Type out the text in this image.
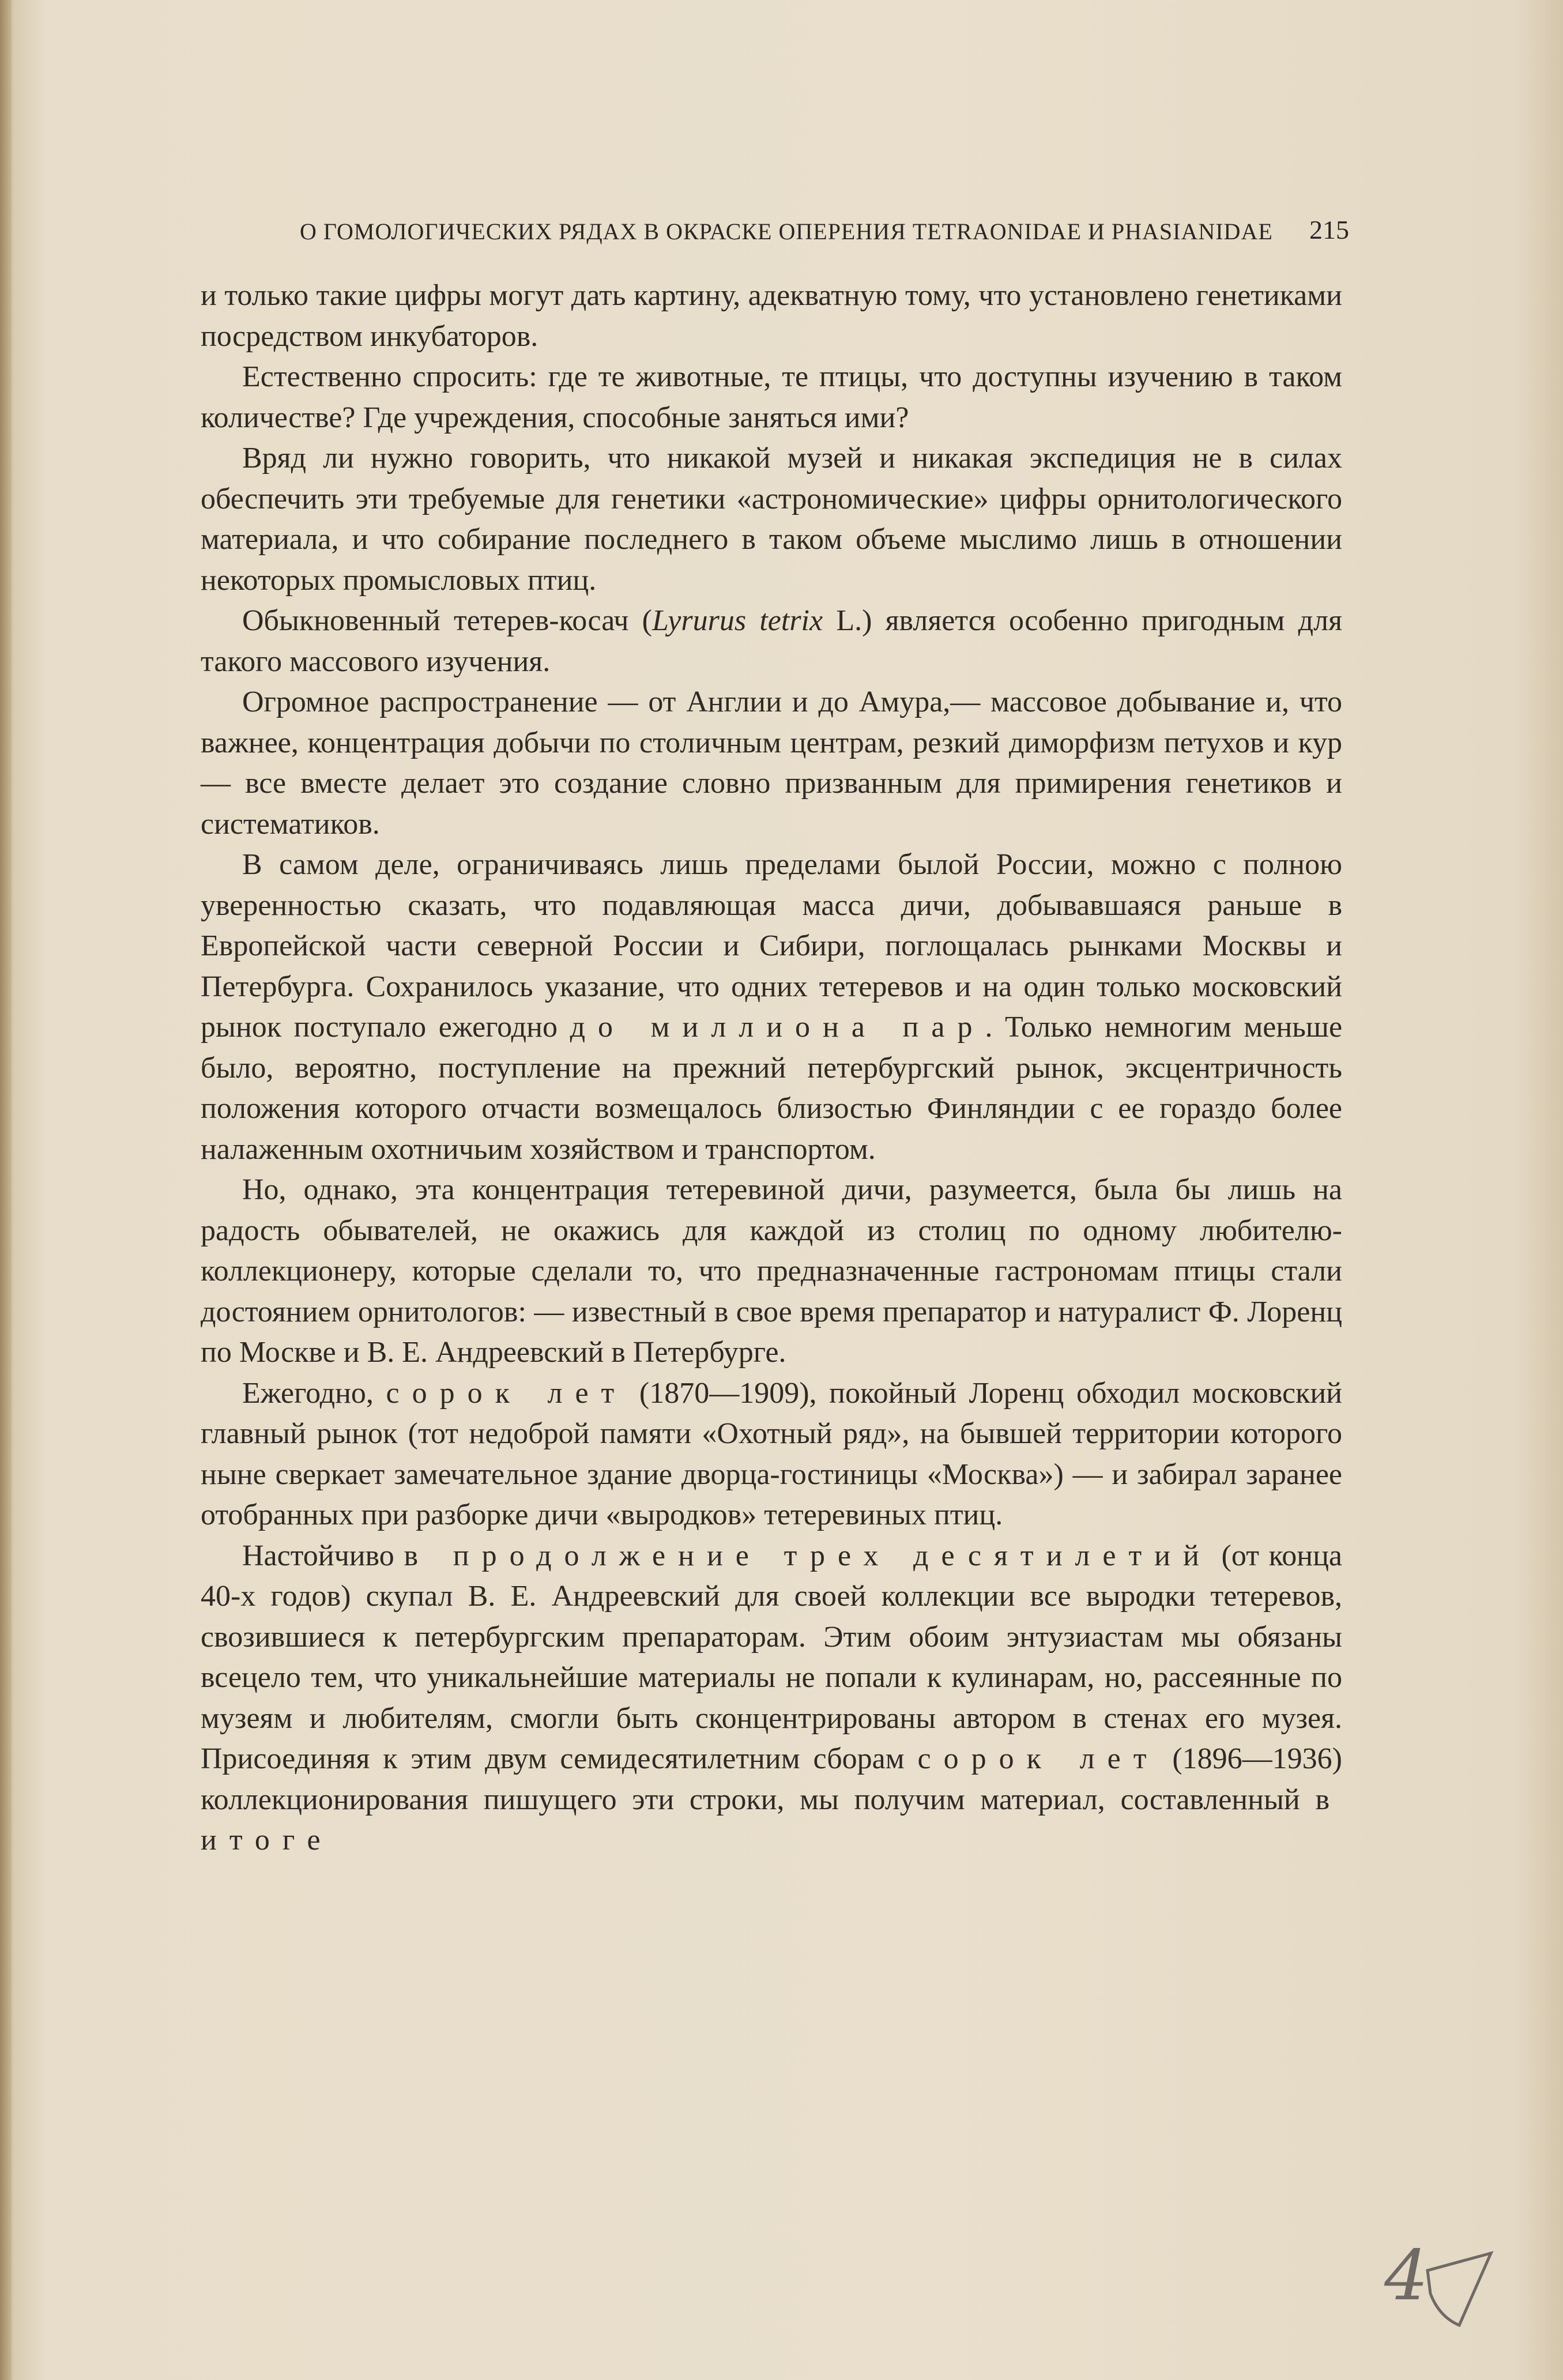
О ГОМОЛОГИЧЕСКИХ РЯДАХ В ОКРАСКЕ ОПЕРЕНИЯ TETRAONIDAE И PHASIANIDAE 215

и только такие цифры могут дать картину, адекватную тому, что установлено генетиками посредством инкубаторов.

Естественно спросить: где те животные, те птицы, что доступны изучению в таком количестве? Где учреждения, способные заняться ими?

Вряд ли нужно говорить, что никакой музей и никакая экспедиция не в силах обеспечить эти требуемые для генетики «астрономические» цифры орнитологического материала, и что собирание последнего в таком объеме мыслимо лишь в отношении некоторых промысловых птиц.

Обыкновенный тетерев-косач (Lyrurus tetrix L.) является особенно пригодным для такого массового изучения.

Огромное распространение — от Англии и до Амура,— массовое добывание и, что важнее, концентрация добычи по столичным центрам, резкий диморфизм петухов и кур — все вместе делает это создание словно призванным для примирения генетиков и систематиков.

В самом деле, ограничиваясь лишь пределами былой России, можно с полною уверенностью сказать, что подавляющая масса дичи, добывавшаяся раньше в Европейской части северной России и Сибири, поглощалась рынками Москвы и Петербурга. Сохранилось указание, что одних тетеревов и на один только московский рынок поступало ежегодно до миллиона пар. Только немногим меньше было, вероятно, поступление на прежний петербургский рынок, эксцентричность положения которого отчасти возмещалось близостью Финляндии с ее гораздо более налаженным охотничьим хозяйством и транспортом.

Но, однако, эта концентрация тетеревиной дичи, разумеется, была бы лишь на радость обывателей, не окажись для каждой из столиц по одному любителю-коллекционеру, которые сделали то, что предназначенные гастрономам птицы стали достоянием орнитологов: — известный в свое время препаратор и натуралист Ф. Лоренц по Москве и В. Е. Андреевский в Петербурге.

Ежегодно, сорок лет (1870—1909), покойный Лоренц обходил московский главный рынок (тот недоброй памяти «Охотный ряд», на бывшей территории которого ныне сверкает замечательное здание дворца-гостиницы «Москва») — и забирал заранее отобранных при разборке дичи «выродков» тетеревиных птиц.

Настойчиво в продолжение трех десятилетий (от конца 40-х годов) скупал В. Е. Андреевский для своей коллекции все выродки тетеревов, свозившиеся к петербургским препараторам. Этим обоим энтузиастам мы обязаны всецело тем, что уникальнейшие материалы не попали к кулинарам, но, рассеянные по музеям и любителям, смогли быть сконцентрированы автором в стенах его музея. Присоединяя к этим двум семидесятилетним сборам сорок лет (1896—1936) коллекционирования пишущего эти строки, мы получим материал, составленный в итоге

4
